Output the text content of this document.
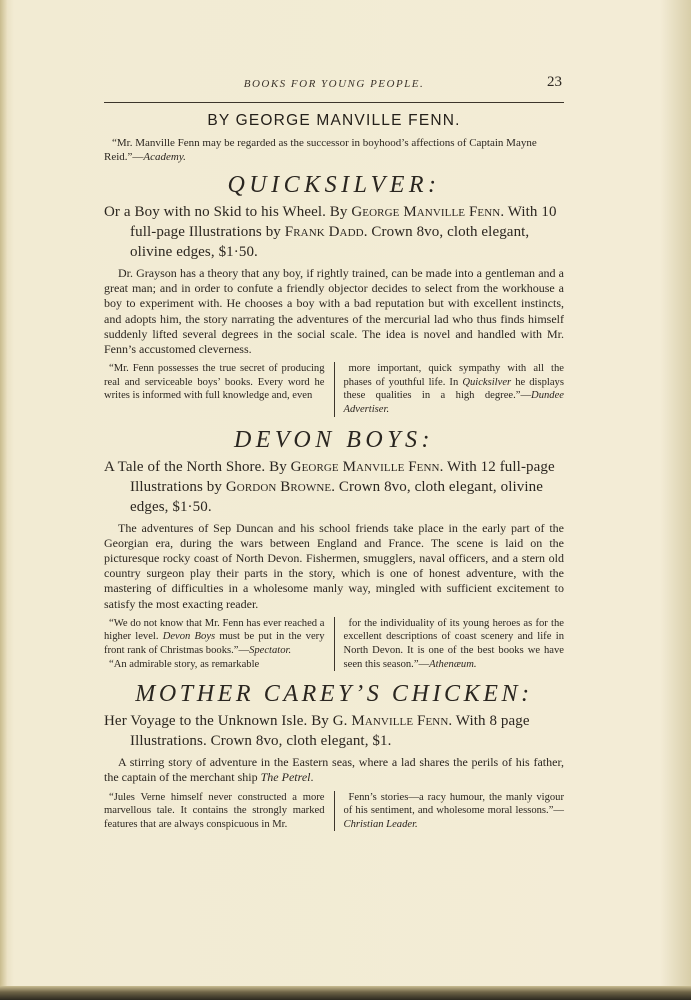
BOOKS FOR YOUNG PEOPLE.	23
BY GEORGE MANVILLE FENN.
“Mr. Manville Fenn may be regarded as the successor in boyhood’s affections of Captain Mayne Reid.”—Academy.
QUICKSILVER:
Or a Boy with no Skid to his Wheel. By George Manville Fenn. With 10 full-page Illustrations by Frank Dadd. Crown 8vo, cloth elegant, olivine edges, $1·50.
Dr. Grayson has a theory that any boy, if rightly trained, can be made into a gentleman and a great man; and in order to confute a friendly objector decides to select from the workhouse a boy to experiment with. He chooses a boy with a bad reputation but with excellent instincts, and adopts him, the story narrating the adventures of the mercurial lad who thus finds himself suddenly lifted several degrees in the social scale. The idea is novel and handled with Mr. Fenn’s accustomed cleverness.

“Mr. Fenn possesses the true secret of producing real and serviceable boys’ books. Every word he writes is informed with full knowledge and, even

more important, quick sympathy with all the phases of youthful life. In Quicksilver he displays these qualities in a high degree.”—Dundee Advertiser.

DEVON BOYS:
A Tale of the North Shore. By George Manville Fenn. With 12 full-page Illustrations by Gordon Browne. Crown 8vo, cloth elegant, olivine edges, $1·50.
The adventures of Sep Duncan and his school friends take place in the early part of the Georgian era, during the wars between England and France. The scene is laid on the picturesque rocky coast of North Devon. Fishermen, smugglers, naval officers, and a stern old country surgeon play their parts in the story, which is one of honest adventure, with the mastering of difficulties in a wholesome manly way, mingled with sufficient excitement to satisfy the most exacting reader.

“We do not know that Mr. Fenn has ever reached a higher level. Devon Boys must be put in the very front rank of Christmas books.”—Spectator.

“An admirable story, as remarkable

for the individuality of its young heroes as for the excellent descriptions of coast scenery and life in North Devon. It is one of the best books we have seen this season.”—Athenæum.

MOTHER CAREY’S CHICKEN:
Her Voyage to the Unknown Isle. By G. Manville Fenn. With 8 page Illustrations. Crown 8vo, cloth elegant, $1.
A stirring story of adventure in the Eastern seas, where a lad shares the perils of his father, the captain of the merchant ship The Petrel.

“Jules Verne himself never constructed a more marvellous tale. It contains the strongly marked features that are always conspicuous in Mr.

Fenn’s stories—a racy humour, the manly vigour of his sentiment, and wholesome moral lessons.”—Christian Leader.
